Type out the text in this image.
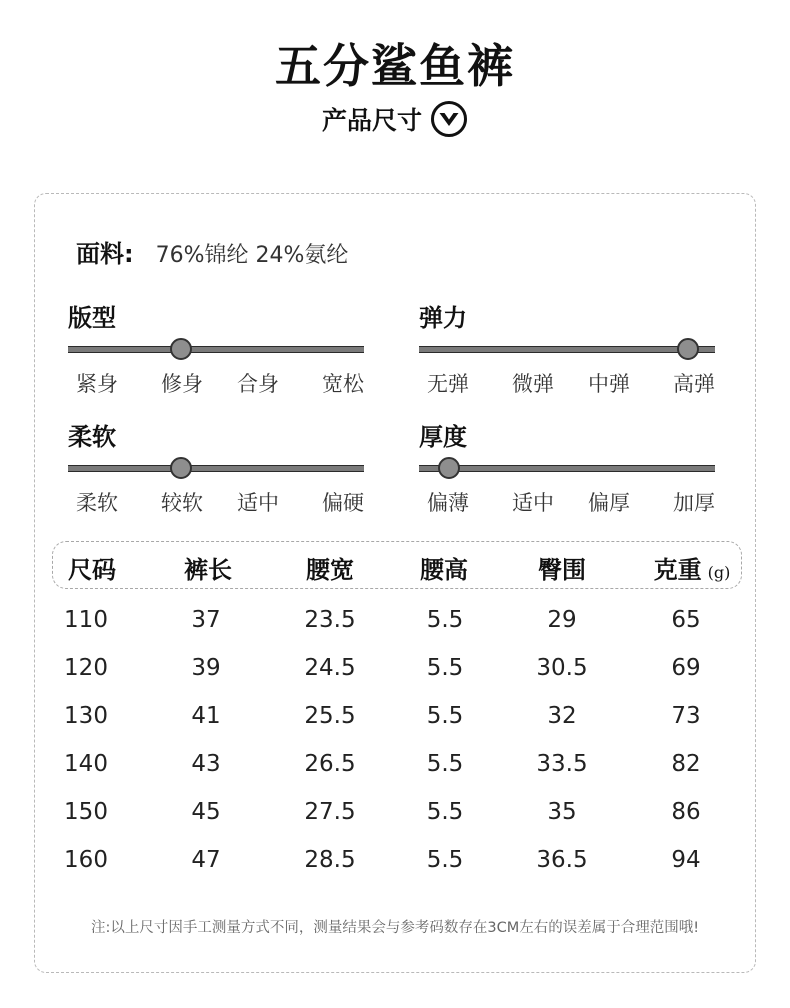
五分鲨鱼裤
产品尺寸
面料: 76%锦纶 24%氨纶
版型
紧身	修身	合身	宽松
弹力
无弹	微弹	中弹	高弹
柔软
柔软	较软	适中	偏硬
厚度
偏薄	适中	偏厚	加厚
尺码	裤长	腰宽	腰高	臀围	克重 (g)
110	37	23.5	5.5	29	65
120	39	24.5	5.5	30.5	69
130	41	25.5	5.5	32	73
140	43	26.5	5.5	33.5	82
150	45	27.5	5.5	35	86
160	47	28.5	5.5	36.5	94
注:以上尺寸因手工测量方式不同，测量结果会与参考码数存在3CM左右的误差属于合理范围哦!
